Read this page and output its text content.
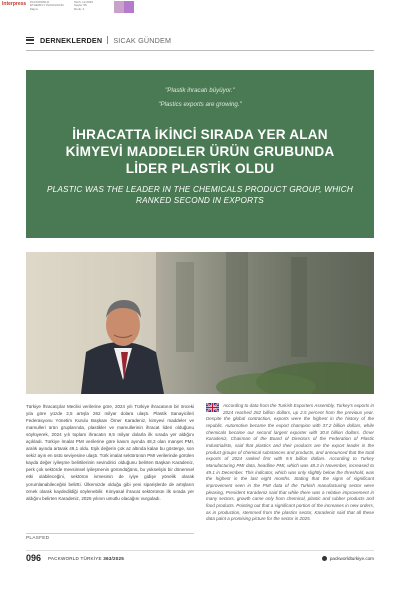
Interpress PACKWORLD
ETHERFLY PACKAGING
Mayıs
Tarih: 12.2025
Sayfa: 96
Renk: 4
DERNEKLERDEN SICAK GÜNDEM
"Plastik ihracatı büyüyor."
"Plastics exports are growing."
İHRACATTA İKİNCİ SIRADA YER ALAN KİMYEVİ MADDELER ÜRÜN GRUBUNDA LİDER PLASTİK OLDU
PLASTIC WAS THE LEADER IN THE CHEMICALS PRODUCT GROUP, WHICH RANKED SECOND IN EXPORTS
Türkiye İhracatçılar Meclisi verilerine göre, 2024 yılı Türkiye ihracatının bir önceki yıla göre yüzde 2,5 artışla 262 milyar dolara ulaştı. Plastik Sanayicileri Federasyonu Yönetim Kurulu Başkanı Ömer Karadeniz, kimyevi maddeler ve mamulleri ürün gruplarında, plastikler ve mamullerinin ihracat lideri olduğunu söylüyerek, 2024 yılı toplam ihracatın 9,5 milyar dolarla ilk sırada yer aldığını açıkladı. Türkiye İmalat PMI verilerine göre kasım ayında 48,3 olan manşet PMI, aralık ayında artarak 49,1 oldu. Eşik değerin çok az altında kalan bu gösterge, son sekiz ayın en üstü seviyesine ulaştı. Türk imalat sektörünün PMI verilerinde görülen kayda değer iyileşme belirtilerinin sevindirici olduğunu belirten Başkan Karadeniz, perk çok sektörde mevsimsel iyileşmenin göründüğünü, bu yükselişin bir dönemsel etki olabileceğini, sektörün ivmesinin de iyiye gidişe yönelik olarak yorumlanabileceğini belirtti. Ülkemizde olduğu gibi yeni siparişlerde de artışların örnek olarak kaydedildiği söylenebilir. Kimyasal ihracat sektörünün ilk sırada yer aldığını belirten Karadeniz, 2025 yılının umutlu olacağını vurguladı.
According to data from the Turkish Exporters Assembly, Turkey's exports in 2024 reached 262 billion dollars, up 2.5 percent from the previous year. Despite the global contraction, exports were the highest in the history of the republic. Automotive became the export champion with 37.2 billion dollars, while chemicals became our second largest exporter with 30.8 billion dollars. Ömer Karadeniz, Chairman of the Board of Directors of the Federation of Plastic Industrialists, said that plastics and their products are the export leader in the product groups of chemical substances and products, and announced that the total exports of 2024 ranked first with 9.5 billion dollars. According to Turkey Manufacturing PMI data, headline PMI, which was 48.3 in November, increased to 49.1 in December. This indicator, which was only slightly below the threshold, was the highest in the last eight months. Stating that the signs of significant improvement seen in the PMI data of the Turkish manufacturing sector were pleasing, President Karadeniz said that while there was a relative improvement in many sectors, growth came only from chemical, plastic and rubber products and food products. Pointing out that a significant portion of the increases in new orders, as in production, stemmed from the plastics sector, Karadeniz said that all these data paint a promising picture for the sector in 2025.
PLASFED
096 PACKWORLD TÜRKİYE 363/2025	packworldturkiye.com
